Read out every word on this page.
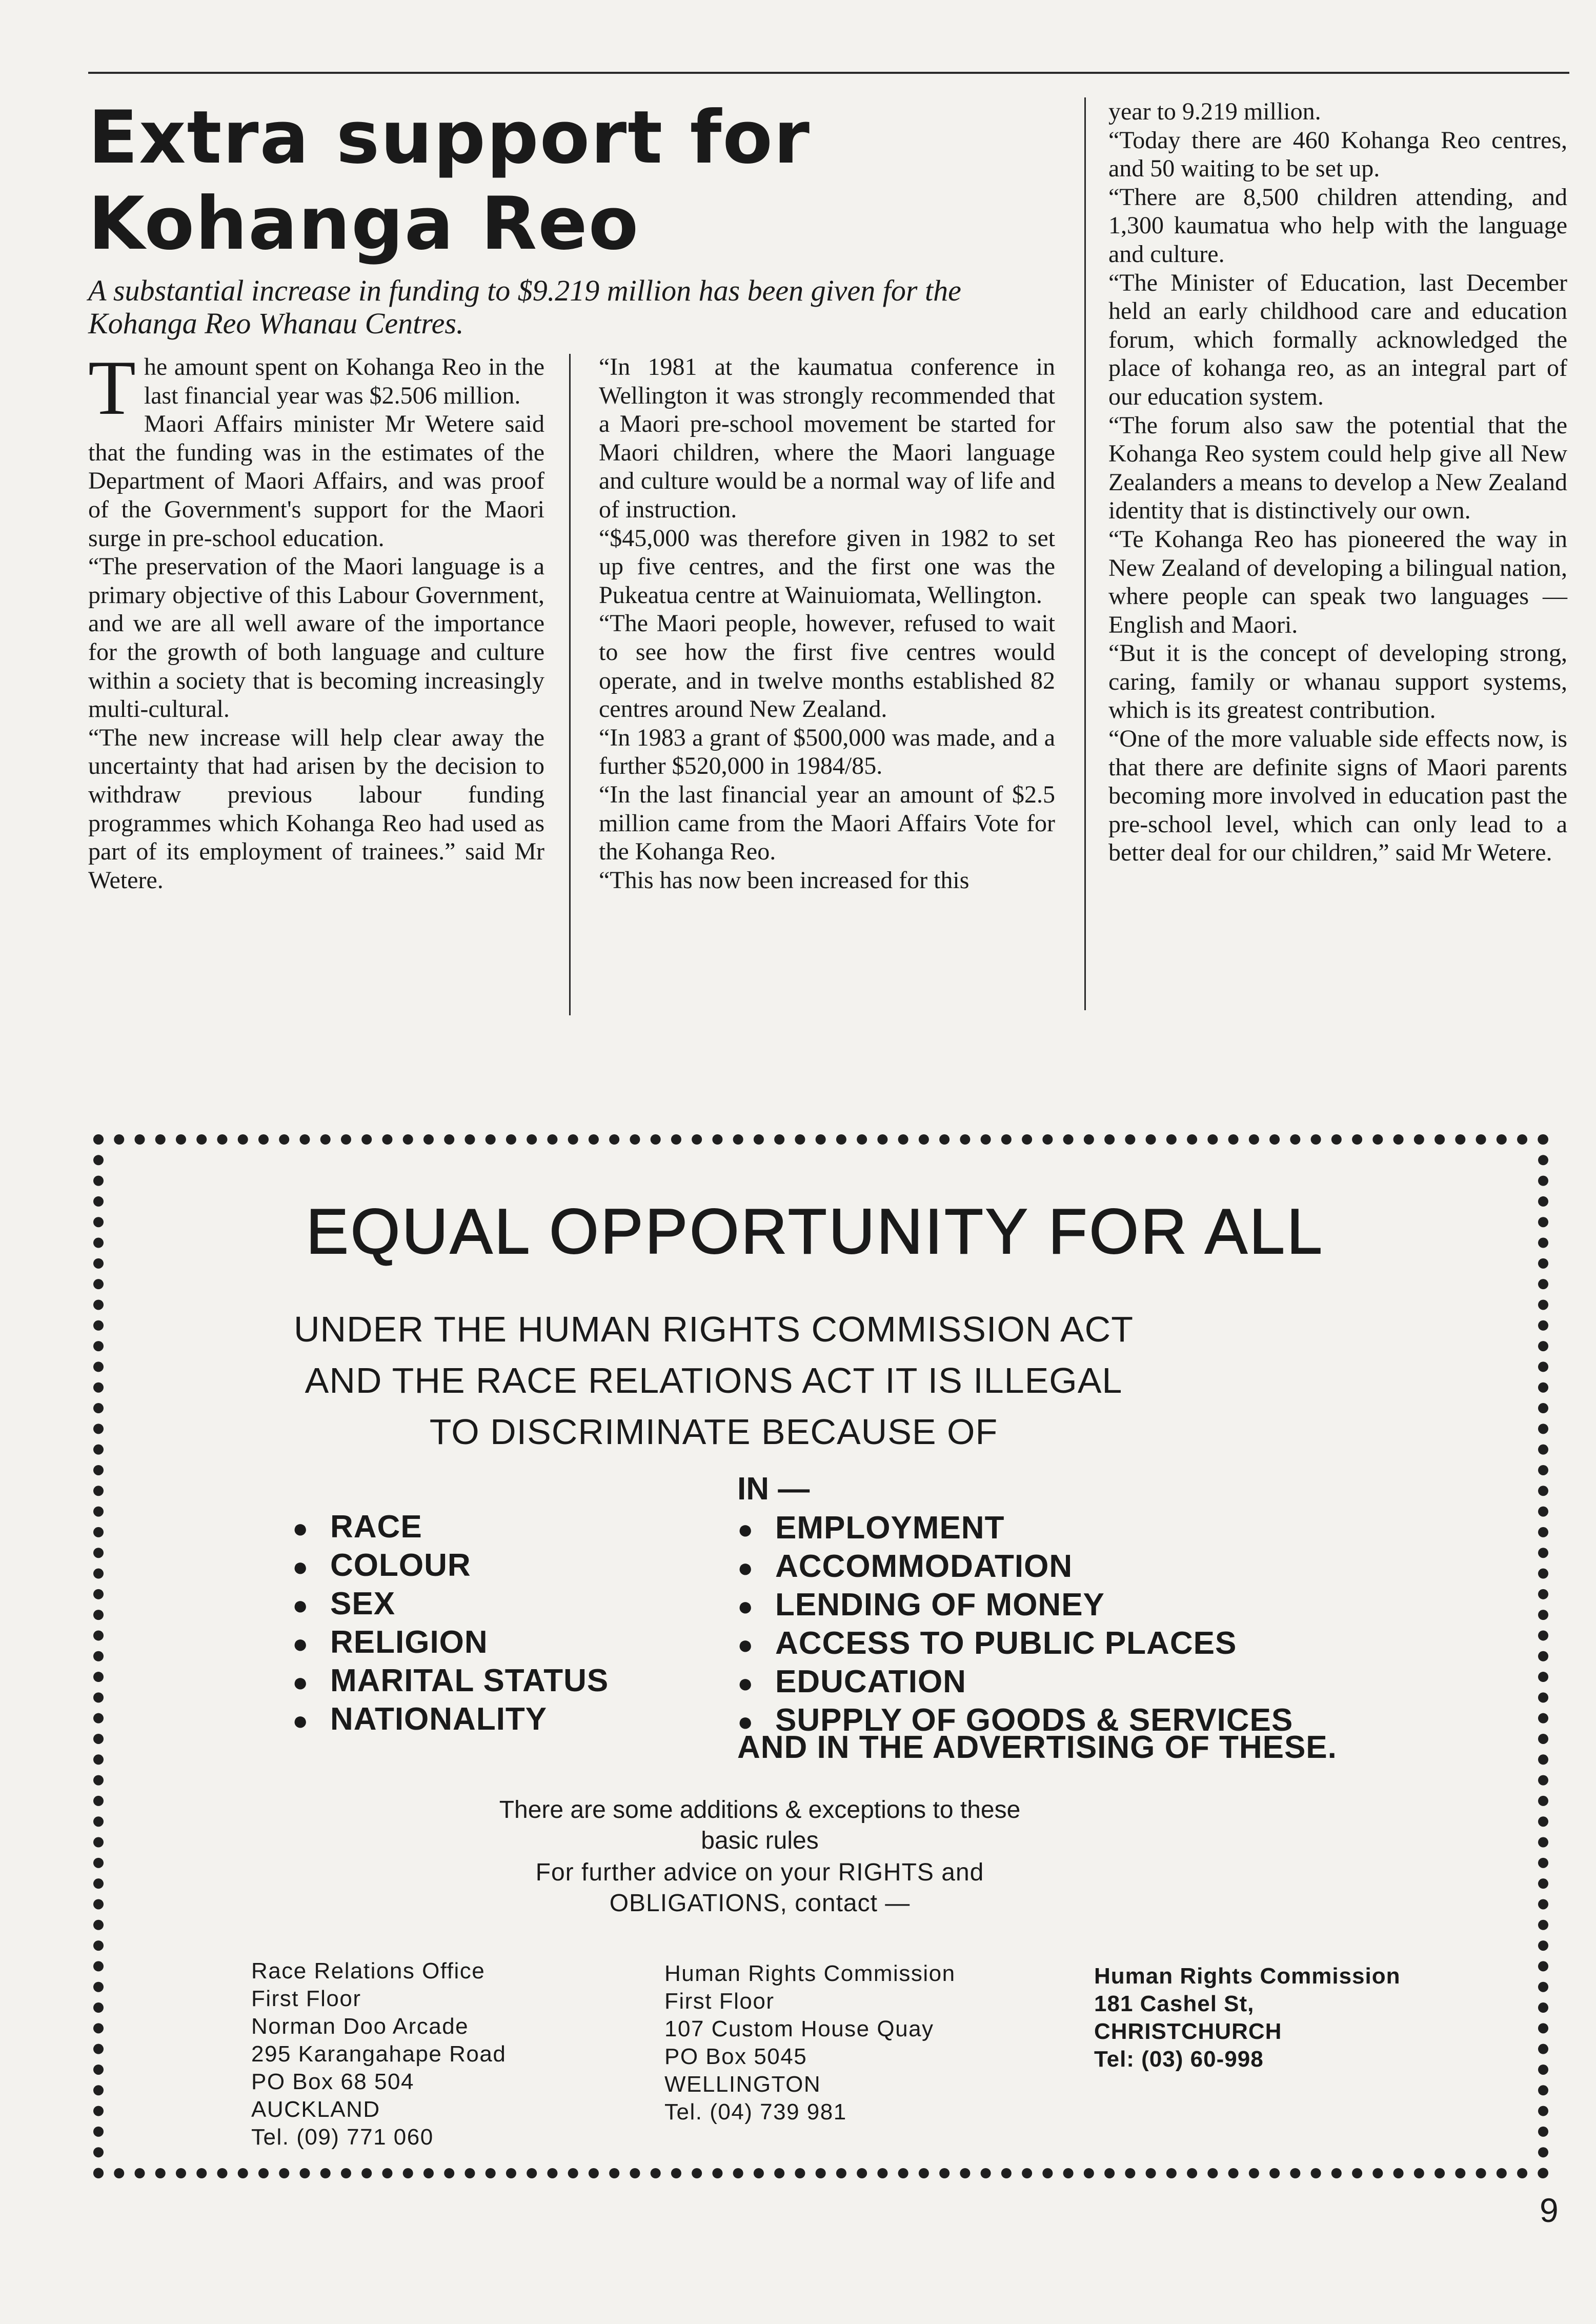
Extra support for Kohanga Reo

A substantial increase in funding to $9.219 million has been given for the Kohanga Reo Whanau Centres.

The amount spent on Kohanga Reo in the last financial year was $2.506 million.

Maori Affairs minister Mr Wetere said that the funding was in the estimates of the Department of Maori Affairs, and was proof of the Government's support for the Maori surge in pre-school education.

“The preservation of the Maori language is a primary objective of this Labour Government, and we are all well aware of the importance for the growth of both language and culture within a society that is becoming increasingly multi-cultural.

“The new increase will help clear away the uncertainty that had arisen by the decision to withdraw previous labour funding programmes which Kohanga Reo had used as part of its employment of trainees.” said Mr Wetere.

“In 1981 at the kaumatua conference in Wellington it was strongly recommended that a Maori pre-school movement be started for Maori children, where the Maori language and culture would be a normal way of life and of instruction.

“$45,000 was therefore given in 1982 to set up five centres, and the first one was the Pukeatua centre at Wainuiomata, Wellington.

“The Maori people, however, refused to wait to see how the first five centres would operate, and in twelve months established 82 centres around New Zealand.

“In 1983 a grant of $500,000 was made, and a further $520,000 in 1984/85.

“In the last financial year an amount of $2.5 million came from the Maori Affairs Vote for the Kohanga Reo.

“This has now been increased for this

year to 9.219 million.

“Today there are 460 Kohanga Reo centres, and 50 waiting to be set up.

“There are 8,500 children attending, and 1,300 kaumatua who help with the language and culture.

“The Minister of Education, last December held an early childhood care and education forum, which formally acknowledged the place of kohanga reo, as an integral part of our education system.

“The forum also saw the potential that the Kohanga Reo system could help give all New Zealanders a means to develop a New Zealand identity that is distinctively our own.

“Te Kohanga Reo has pioneered the way in New Zealand of developing a bilingual nation, where people can speak two languages — English and Maori.

“But it is the concept of developing strong, caring, family or whanau support systems, which is its greatest contribution.

“One of the more valuable side effects now, is that there are definite signs of Maori parents becoming more involved in education past the pre-school level, which can only lead to a better deal for our children,” said Mr Wetere.

EQUAL OPPORTUNITY FOR ALL

UNDER THE HUMAN RIGHTS COMMISSION ACT
AND THE RACE RELATIONS ACT IT IS ILLEGAL
TO DISCRIMINATE BECAUSE OF

● RACE
● COLOUR
● SEX
● RELIGION
● MARITAL STATUS
● NATIONALITY
IN —
● EMPLOYMENT
● ACCOMMODATION
● LENDING OF MONEY
● ACCESS TO PUBLIC PLACES
● EDUCATION
● SUPPLY OF GOODS & SERVICES
AND IN THE ADVERTISING OF THESE.

There are some additions & exceptions to these
basic rules

For further advice on your RIGHTS and
OBLIGATIONS, contact —

Race Relations Office
First Floor
Norman Doo Arcade
295 Karangahape Road
PO Box 68 504
AUCKLAND
Tel. (09) 771 060
Human Rights Commission
First Floor
107 Custom House Quay
PO Box 5045
WELLINGTON
Tel. (04) 739 981
Human Rights Commission
181 Cashel St,
CHRISTCHURCH
Tel: (03) 60-998
9
